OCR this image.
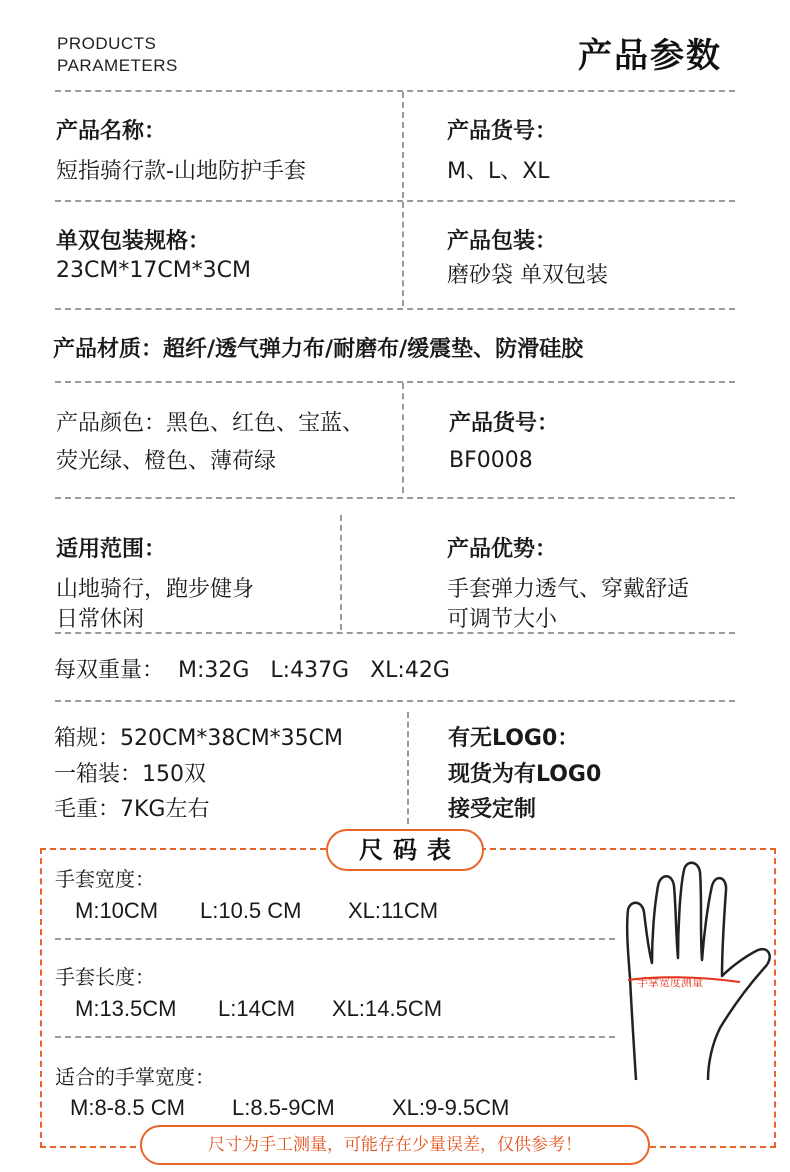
PRODUCTS
PARAMETERS	产品参数
产品名称：
短指骑行款-山地防护手套
产品货号：
M、L、XL
单双包装规格：
23CM*17CM*3CM
产品包装：
磨砂袋 单双包装
产品材质：超纤/透气弹力布/耐磨布/缓震垫、防滑硅胶
产品颜色：黑色、红色、宝蓝、
荧光绿、橙色、薄荷绿
产品货号：
BF0008
适用范围：
山地骑行，跑步健身
日常休闲
产品优势：
手套弹力透气、穿戴舒适
可调节大小
每双重量：  M:32G   L:437G   XL:42G
箱规：520CM*38CM*35CM
一箱装：150双
毛重：7KG左右
有无LOG0：
现货为有LOG0
接受定制
尺码表
手套宽度：
M:10CM L:10.5 CM XL:11CM
手套长度：
M:13.5CM L:14CM XL:14.5CM
适合的手掌宽度：
M:8-8.5 CM L:8.5-9CM	XL:9-9.5CM
手掌宽度测量
尺寸为手工测量，可能存在少量误差，仅供参考！
